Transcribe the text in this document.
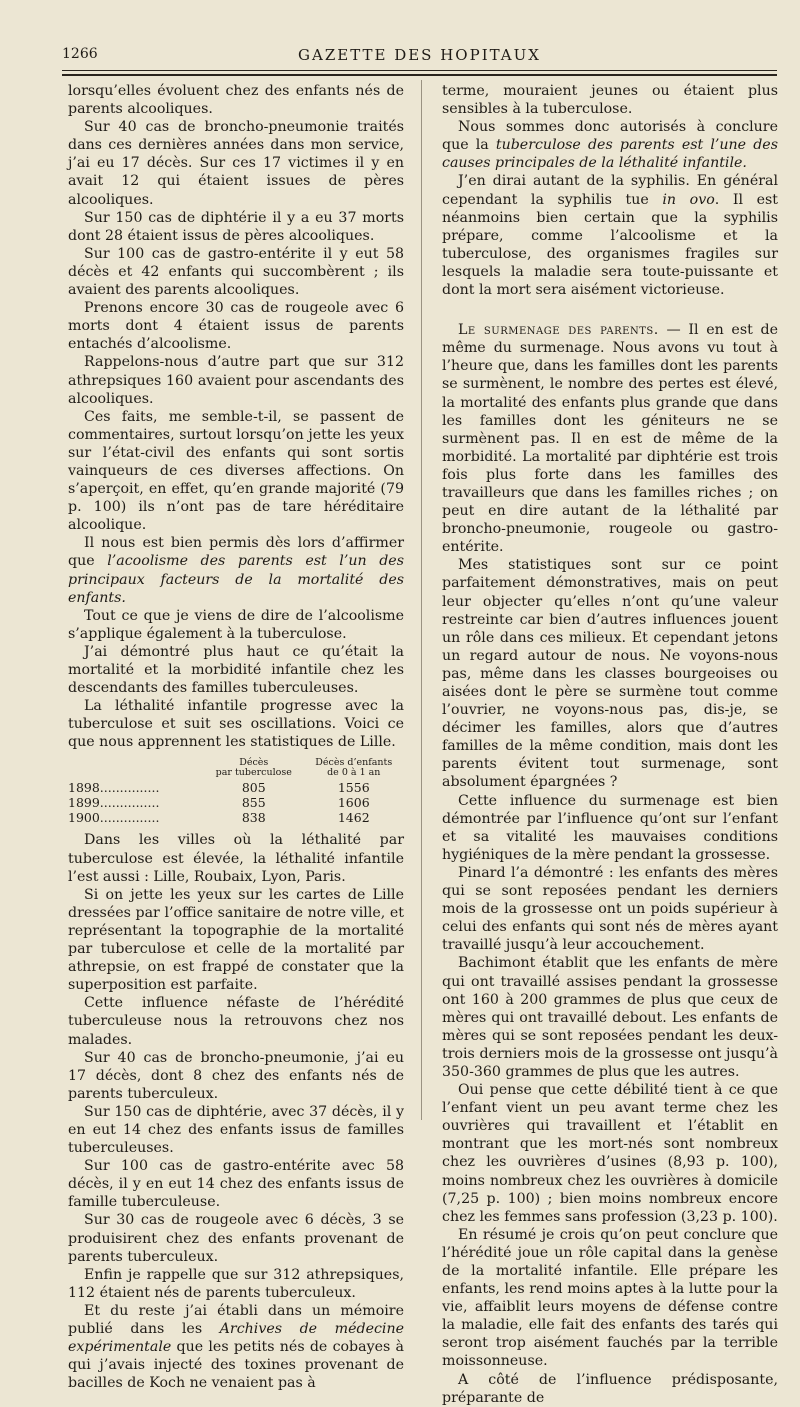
1266	GAZETTE DES HOPITAUX

lorsqu’elles évoluent chez des enfants nés de parents alcooliques.

Sur 40 cas de broncho-pneumonie traités dans ces dernières années dans mon service, j’ai eu 17 décès. Sur ces 17 victimes il y en avait 12 qui étaient issues de pères alcooliques.

Sur 150 cas de diphtérie il y a eu 37 morts dont 28 étaient issus de pères alcooliques.

Sur 100 cas de gastro-entérite il y eut 58 décès et 42 enfants qui succombèrent ; ils avaient des parents alcooliques.

Prenons encore 30 cas de rougeole avec 6 morts dont 4 étaient issus de parents entachés d’alcoolisme.

Rappelons-nous d’autre part que sur 312 athrepsiques 160 avaient pour ascendants des alcooliques.

Ces faits, me semble-t-il, se passent de commentaires, surtout lorsqu’on jette les yeux sur l’état-civil des enfants qui sont sortis vainqueurs de ces diverses affections. On s’aperçoit, en effet, qu’en grande majorité (79 p. 100) ils n’ont pas de tare héréditaire alcoolique.

Il nous est bien permis dès lors d’affirmer que l’acoolisme des parents est l’un des principaux facteurs de la mortalité des enfants.

Tout ce que je viens de dire de l’alcoolisme s’applique également à la tuberculose.

J’ai démontré plus haut ce qu’était la mortalité et la morbidité infantile chez les descendants des familles tuberculeuses.

La léthalité infantile progresse avec la tuberculose et suit ses oscillations. Voici ce que nous apprennent les statistiques de Lille.

	Décès
par tuberculose	Décès d’enfants
de 0 à 1 an
1898...............	805	1556
1899...............	855	1606
1900...............	838	1462

Dans les villes où la léthalité par tuberculose est élevée, la léthalité infantile l’est aussi : Lille, Roubaix, Lyon, Paris.

Si on jette les yeux sur les cartes de Lille dressées par l’office sanitaire de notre ville, et représentant la topographie de la mortalité par tuberculose et celle de la mortalité par athrepsie, on est frappé de constater que la superposition est parfaite.

Cette influence néfaste de l’hérédité tuberculeuse nous la retrouvons chez nos malades.

Sur 40 cas de broncho-pneumonie, j’ai eu 17 décès, dont 8 chez des enfants nés de parents tuberculeux.

Sur 150 cas de diphtérie, avec 37 décès, il y en eut 14 chez des enfants issus de familles tuberculeuses.

Sur 100 cas de gastro-entérite avec 58 décès, il y en eut 14 chez des enfants issus de famille tuberculeuse.

Sur 30 cas de rougeole avec 6 décès, 3 se produisirent chez des enfants provenant de parents tuberculeux.

Enfin je rappelle que sur 312 athrepsiques, 112 étaient nés de parents tuberculeux.

Et du reste j’ai établi dans un mémoire publié dans les Archives de médecine expérimentale que les petits nés de cobayes à qui j’avais injecté des toxines provenant de bacilles de Koch ne venaient pas à

terme, mouraient jeunes ou étaient plus sensibles à la tuberculose.

Nous sommes donc autorisés à conclure que la tuberculose des parents est l’une des causes principales de la léthalité infantile.

J’en dirai autant de la syphilis. En général cependant la syphilis tue in ovo. Il est néanmoins bien certain que la syphilis prépare, comme l’alcoolisme et la tuberculose, des organismes fragiles sur lesquels la maladie sera toute-puissante et dont la mort sera aisément victorieuse.

Le surmenage des parents. — Il en est de même du surmenage. Nous avons vu tout à l’heure que, dans les familles dont les parents se surmènent, le nombre des pertes est élevé, la mortalité des enfants plus grande que dans les familles dont les géniteurs ne se surmènent pas. Il en est de même de la morbidité. La mortalité par diphtérie est trois fois plus forte dans les familles des travailleurs que dans les familles riches ; on peut en dire autant de la léthalité par broncho-pneumonie, rougeole ou gastro-entérite.

Mes statistiques sont sur ce point parfaitement démonstratives, mais on peut leur objecter qu’elles n’ont qu’une valeur restreinte car bien d’autres influences jouent un rôle dans ces milieux. Et cependant jetons un regard autour de nous. Ne voyons-nous pas, même dans les classes bourgeoises ou aisées dont le père se surmène tout comme l’ouvrier, ne voyons-nous pas, dis-je, se décimer les familles, alors que d’autres familles de la même condition, mais dont les parents évitent tout surmenage, sont absolument épargnées ?

Cette influence du surmenage est bien démontrée par l’influence qu’ont sur l’enfant et sa vitalité les mauvaises conditions hygiéniques de la mère pendant la grossesse.

Pinard l’a démontré : les enfants des mères qui se sont reposées pendant les derniers mois de la grossesse ont un poids supérieur à celui des enfants qui sont nés de mères ayant travaillé jusqu’à leur accouchement.

Bachimont établit que les enfants de mère qui ont travaillé assises pendant la grossesse ont 160 à 200 grammes de plus que ceux de mères qui ont travaillé debout. Les enfants de mères qui se sont reposées pendant les deux-trois derniers mois de la grossesse ont jusqu’à 350-360 grammes de plus que les autres.

Oui pense que cette débilité tient à ce que l’enfant vient un peu avant terme chez les ouvrières qui travaillent et l’établit en montrant que les mort-nés sont nombreux chez les ouvrières d’usines (8,93 p. 100), moins nombreux chez les ouvrières à domicile (7,25 p. 100) ; bien moins nombreux encore chez les femmes sans profession (3,23 p. 100).

En résumé je crois qu’on peut conclure que l’hérédité joue un rôle capital dans la genèse de la mortalité infantile. Elle prépare les enfants, les rend moins aptes à la lutte pour la vie, affaiblit leurs moyens de défense contre la maladie, elle fait des enfants des tarés qui seront trop aisément fauchés par la terrible moissonneuse.

A côté de l’influence prédisposante, préparante de
